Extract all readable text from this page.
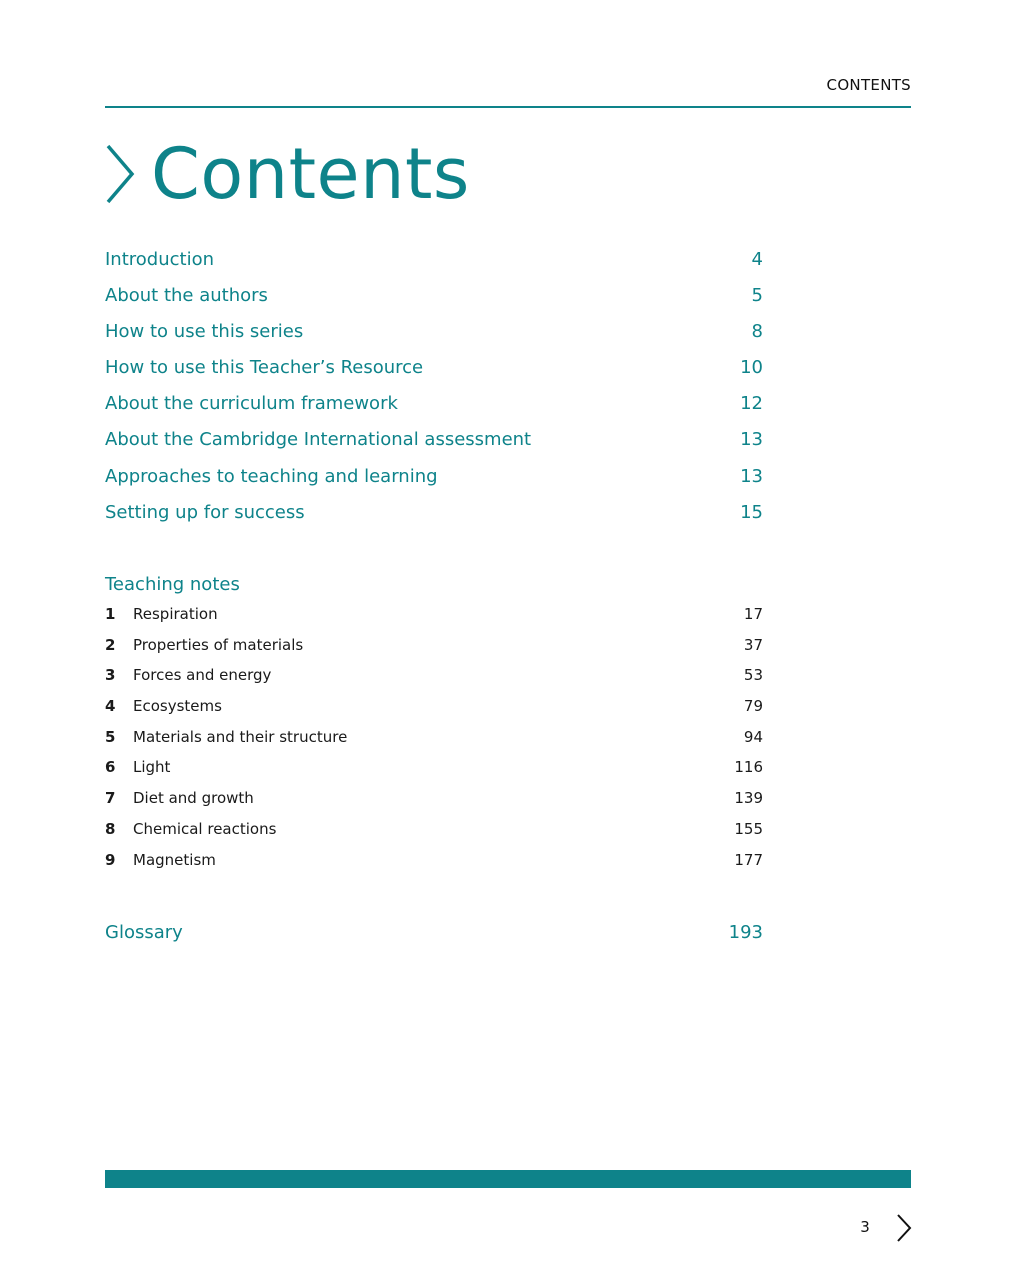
CONTENTS
Contents
Introduction	4
About the authors	5
How to use this series	8
How to use this Teacher’s Resource	10
About the curriculum framework	12
About the Cambridge International assessment	13
Approaches to teaching and learning	13
Setting up for success	15
Teaching notes
1	Respiration	17
2	Properties of materials	37
3	Forces and energy	53
4	Ecosystems	79
5	Materials and their structure	94
6	Light	116
7	Diet and growth	139
8	Chemical reactions	155
9	Magnetism	177
Glossary	193
3
